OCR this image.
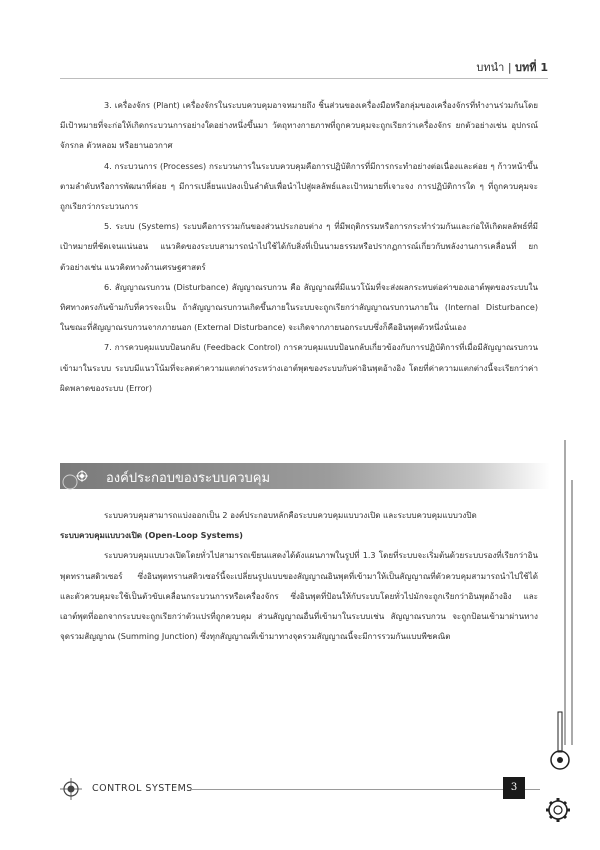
บทนำ | บทที่ 1

3. เครื่องจักร (Plant) เครื่องจักรในระบบควบคุมอาจหมายถึง ชิ้นส่วนของเครื่องมือหรือกลุ่มของเครื่องจักรที่ทำงานร่วมกันโดยมีเป้าหมายที่จะก่อให้เกิดกระบวนการอย่างใดอย่างหนึ่งขึ้นมา วัตถุทางกายภาพที่ถูกควบคุมจะถูกเรียกว่าเครื่องจักร ยกตัวอย่างเช่น อุปกรณ์จักรกล ตัวหลอม หรือยานอวกาศ

4. กระบวนการ (Processes) กระบวนการในระบบควบคุมคือการปฏิบัติการที่มีการกระทำอย่างต่อเนื่องและค่อย ๆ ก้าวหน้าขึ้นตามลำดับหรือการพัฒนาที่ค่อย ๆ มีการเปลี่ยนแปลงเป็นลำดับเพื่อนำไปสู่ผลลัพธ์และเป้าหมายที่เจาะจง การปฏิบัติการใด ๆ ที่ถูกควบคุมจะถูกเรียกว่ากระบวนการ

5. ระบบ (Systems) ระบบคือการรวมกันของส่วนประกอบต่าง ๆ ที่มีพฤติกรรมหรือการกระทำร่วมกันและก่อให้เกิดผลลัพธ์ที่มีเป้าหมายที่ชัดเจนแน่นอน แนวคิดของระบบสามารถนำไปใช้ได้กับสิ่งที่เป็นนามธรรมหรือปรากฏการณ์เกี่ยวกับพลังงานการเคลื่อนที่ ยกตัวอย่างเช่น แนวคิดทางด้านเศรษฐศาสตร์

6. สัญญาณรบกวน (Disturbance) สัญญาณรบกวน คือ สัญญาณที่มีแนวโน้มที่จะส่งผลกระทบต่อค่าของเอาต์พุตของระบบในทิศทางตรงกันข้ามกับที่ควรจะเป็น ถ้าสัญญาณรบกวนเกิดขึ้นภายในระบบจะถูกเรียกว่าสัญญาณรบกวนภายใน (Internal Disturbance) ในขณะที่สัญญาณรบกวนจากภายนอก (External Disturbance) จะเกิดจากภายนอกระบบซึ่งก็คืออินพุตตัวหนึ่งนั่นเอง

7. การควบคุมแบบป้อนกลับ (Feedback Control) การควบคุมแบบป้อนกลับเกี่ยวข้องกับการปฏิบัติการที่เมื่อมีสัญญาณรบกวนเข้ามาในระบบ ระบบมีแนวโน้มที่จะลดค่าความแตกต่างระหว่างเอาต์พุตของระบบกับค่าอินพุตอ้างอิง โดยที่ค่าความแตกต่างนี้จะเรียกว่าค่าผิดพลาดของระบบ (Error)

องค์ประกอบของระบบควบคุม

ระบบควบคุมสามารถแบ่งออกเป็น 2 องค์ประกอบหลักคือระบบควบคุมแบบวงเปิด และระบบควบคุมแบบวงปิด

ระบบควบคุมแบบวงเปิด (Open-Loop Systems)

ระบบควบคุมแบบวงเปิดโดยทั่วไปสามารถเขียนแสดงได้ดังแผนภาพในรูปที่ 1.3 โดยที่ระบบจะเริ่มต้นด้วยระบบรองที่เรียกว่าอินพุตทรานสดิวเซอร์ ซึ่งอินพุตทรานสดิวเซอร์นี้จะเปลี่ยนรูปแบบของสัญญาณอินพุตที่เข้ามาให้เป็นสัญญาณที่ตัวควบคุมสามารถนำไปใช้ได้ และตัวควบคุมจะใช้เป็นตัวขับเคลื่อนกระบวนการหรือเครื่องจักร ซึ่งอินพุตที่ป้อนให้กับระบบโดยทั่วไปมักจะถูกเรียกว่าอินพุตอ้างอิง และเอาต์พุตที่ออกจากระบบจะถูกเรียกว่าตัวแปรที่ถูกควบคุม ส่วนสัญญาณอื่นที่เข้ามาในระบบเช่น สัญญาณรบกวน จะถูกป้อนเข้ามาผ่านทางจุดรวมสัญญาณ (Summing Junction) ซึ่งทุกสัญญาณที่เข้ามาทางจุดรวมสัญญาณนี้จะมีการรวมกันแบบพีชคณิต

CONTROL SYSTEMS	3
